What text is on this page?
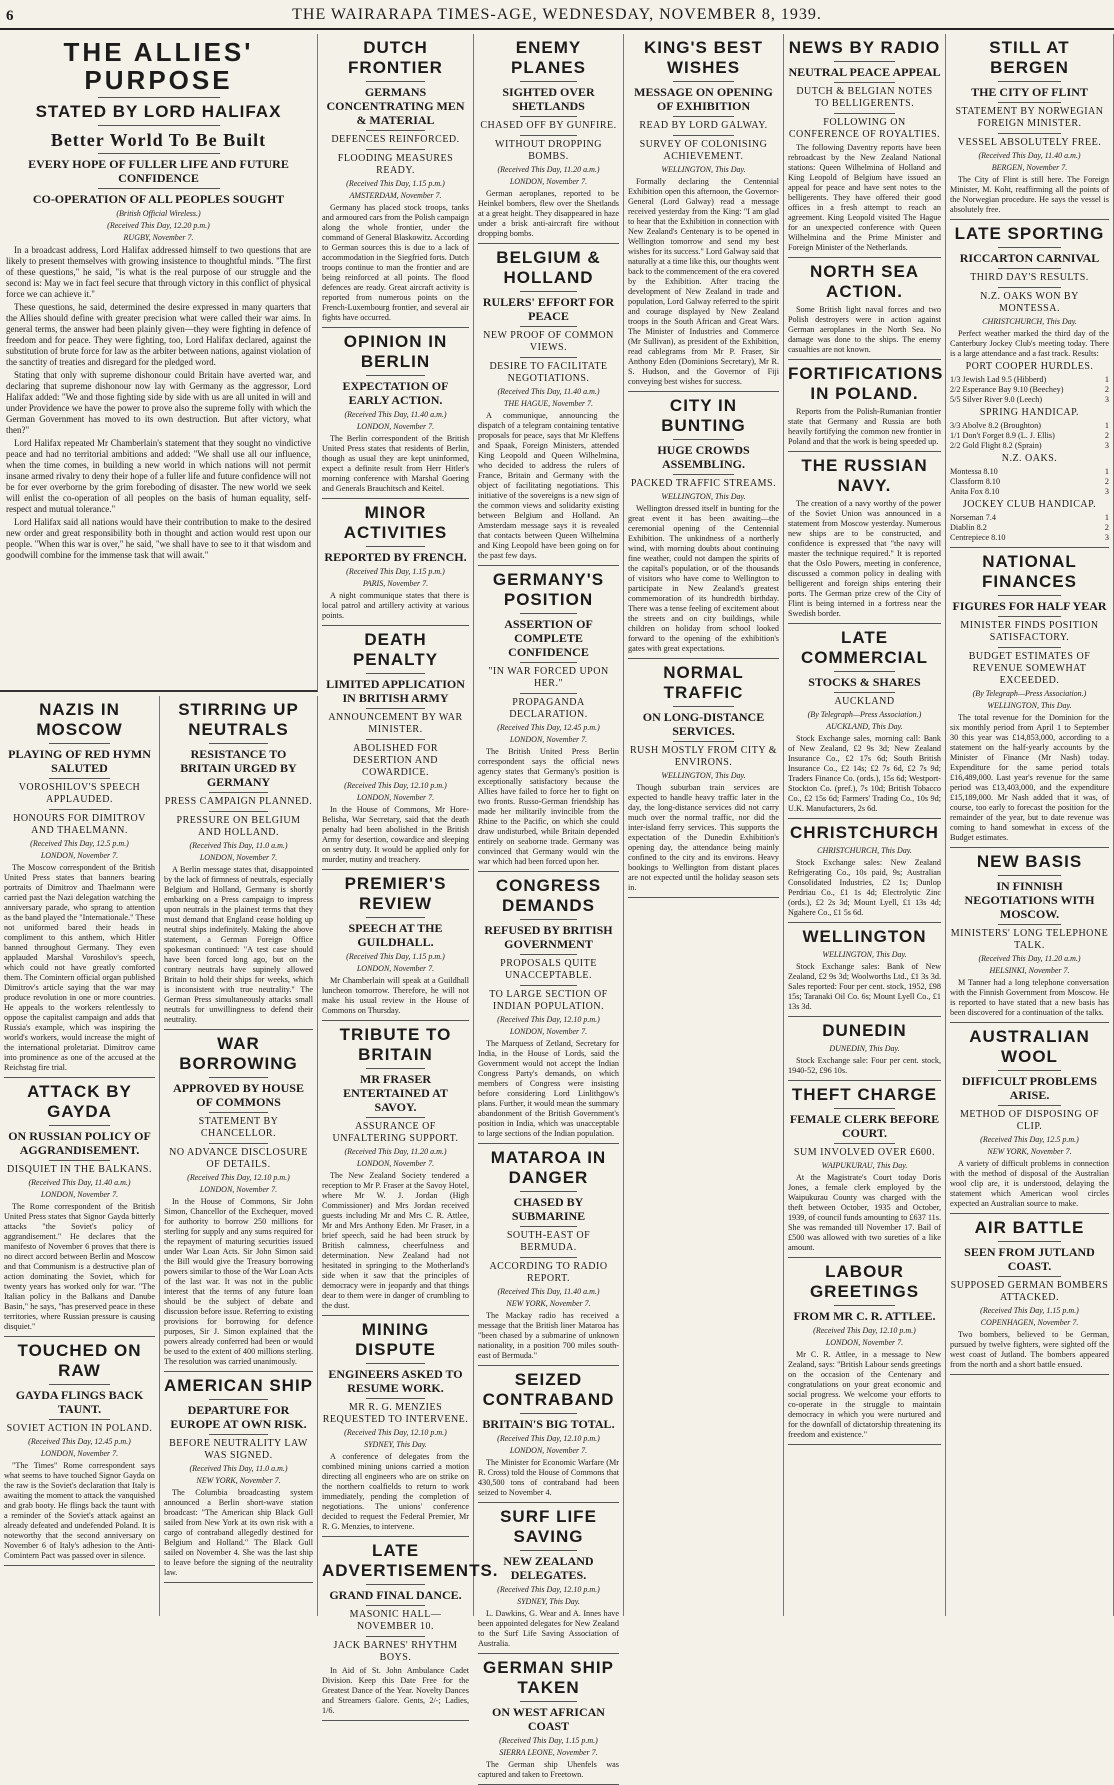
6	THE WAIRARAPA TIMES-AGE, WEDNESDAY, NOVEMBER 8, 1939.
THE ALLIES' PURPOSE
STATED BY LORD HALIFAX
Better World To Be Built
EVERY HOPE OF FULLER LIFE AND FUTURE CONFIDENCE
CO-OPERATION OF ALL PEOPLES SOUGHT
(British Official Wireless.)
(Received This Day, 12.20 p.m.)
RUGBY, November 7.
In a broadcast address, Lord Halifax addressed himself to two questions that are likely to present themselves with growing insistence to thoughtful minds. "The first of these questions," he said, "is what is the real purpose of our struggle and the second is: May we in fact feel secure that through victory in this conflict of physical force we can achieve it."
These questions, he said, determined the desire expressed in many quarters that the Allies should define with greater precision what were called their war aims. In general terms, the answer had been plainly given—they were fighting in defence of freedom and for peace. They were fighting, too, Lord Halifax declared, against the substitution of brute force for law as the arbiter between nations, against violation of the sanctity of treaties and disregard for the pledged word.
Stating that only with supreme dishonour could Britain have averted war, and declaring that supreme dishonour now lay with Germany as the aggressor, Lord Halifax added: "We and those fighting side by side with us are all united in will and under Providence we have the power to prove also the supreme folly with which the German Government has moved to its own destruction. But after victory, what then?"
Lord Halifax repeated Mr Chamberlain's statement that they sought no vindictive peace and had no territorial ambitions and added: "We shall use all our influence, when the time comes, in building a new world in which nations will not permit insane armed rivalry to deny their hope of a fuller life and future confidence will not be for ever overborne by the grim foreboding of disaster. The new world we seek will enlist the co-operation of all peoples on the basis of human equality, self-respect and mutual tolerance."
Lord Halifax said all nations would have their contribution to make to the desired new order and great responsibility both in thought and action would rest upon our people. "When this war is over," he said, "we shall have to see to it that wisdom and goodwill combine for the immense task that will await."
NAZIS IN MOSCOW
PLAYING OF RED HYMN SALUTED
VOROSHILOV'S SPEECH APPLAUDED.
HONOURS FOR DIMITROV AND THAELMANN.
(Received This Day, 12.5 p.m.)
LONDON, November 7.
The Moscow correspondent of the British United Press states that banners bearing portraits of Dimitrov and Thaelmann were carried past the Nazi delegation watching the anniversary parade, who sprang to attention as the band played the "Internationale." These not uniformed bared their heads in compliment to this anthem, which Hitler banned throughout Germany. They even applauded Marshal Voroshilov's speech, which could not have greatly comforted them. The Comintern official organ published Dimitrov's article saying that the war may produce revolution in one or more countries. He appeals to the workers relentlessly to oppose the capitalist campaign and adds that Russia's example, which was inspiring the world's workers, would increase the might of the international proletariat. Dimitrov came into prominence as one of the accused at the Reichstag fire trial.
ATTACK BY GAYDA
ON RUSSIAN POLICY OF AGGRANDISEMENT.
DISQUIET IN THE BALKANS.
(Received This Day, 11.40 a.m.)
LONDON, November 7.
The Rome correspondent of the British United Press states that Signor Gayda bitterly attacks "the Soviet's policy of aggrandisement." He declares that the manifesto of November 6 proves that there is no direct accord between Berlin and Moscow and that Communism is a destructive plan of action dominating the Soviet, which for twenty years has worked only for war. "The Italian policy in the Balkans and Danube Basin," he says, "has preserved peace in these territories, where Russian pressure is causing disquiet."
TOUCHED ON RAW
GAYDA FLINGS BACK TAUNT.
SOVIET ACTION IN POLAND.
(Received This Day, 12.45 p.m.)
LONDON, November 7.
"The Times" Rome correspondent says what seems to have touched Signor Gayda on the raw is the Soviet's declaration that Italy is awaiting the moment to attack the vanquished and grab booty. He flings back the taunt with a reminder of the Soviet's attack against an already defeated and undefended Poland. It is noteworthy that the second anniversary on November 6 of Italy's adhesion to the Anti-Comintern Pact was passed over in silence.
STIRRING UP NEUTRALS
RESISTANCE TO BRITAIN URGED BY GERMANY
PRESS CAMPAIGN PLANNED.
PRESSURE ON BELGIUM AND HOLLAND.
(Received This Day, 11.0 a.m.)
LONDON, November 7.
A Berlin message states that, disappointed by the lack of firmness of neutrals, especially Belgium and Holland, Germany is shortly embarking on a Press campaign to impress upon neutrals in the plainest terms that they must demand that England cease holding up neutral ships indefinitely. Making the above statement, a German Foreign Office spokesman continued: "A test case should have been forced long ago, but on the contrary neutrals have supinely allowed Britain to hold their ships for weeks, which is inconsistent with true neutrality." The German Press simultaneously attacks small neutrals for unwillingness to defend their neutrality.
WAR BORROWING
APPROVED BY HOUSE OF COMMONS
STATEMENT BY CHANCELLOR.
NO ADVANCE DISCLOSURE OF DETAILS.
(Received This Day, 12.10 p.m.)
LONDON, November 7.
In the House of Commons, Sir John Simon, Chancellor of the Exchequer, moved for authority to borrow 250 millions for sterling for supply and any sums required for the repayment of maturing securities issued under War Loan Acts. Sir John Simon said the Bill would give the Treasury borrowing powers similar to those of the War Loan Acts of the last war. It was not in the public interest that the terms of any future loan should be the subject of debate and discussion before issue. Referring to existing provisions for borrowing for defence purposes, Sir J. Simon explained that the powers already conferred had been or would be used to the extent of 400 millions sterling. The resolution was carried unanimously.
AMERICAN SHIP
DEPARTURE FOR EUROPE AT OWN RISK.
BEFORE NEUTRALITY LAW WAS SIGNED.
(Received This Day, 11.0 a.m.)
NEW YORK, November 7.
The Columbia broadcasting system announced a Berlin short-wave station broadcast: "The American ship Black Gull sailed from New York at its own risk with a cargo of contraband allegedly destined for Belgium and Holland." The Black Gull sailed on November 4. She was the last ship to leave before the signing of the neutrality law.
DUTCH FRONTIER
GERMANS CONCENTRATING MEN & MATERIAL
DEFENCES REINFORCED.
FLOODING MEASURES READY.
(Received This Day, 1.15 p.m.)
AMSTERDAM, November 7.
Germany has placed stock troops, tanks and armoured cars from the Polish campaign along the whole frontier, under the command of General Blaskowitz. According to German sources this is due to a lack of accommodation in the Siegfried forts. Dutch troops continue to man the frontier and are being reinforced at all points. The flood defences are ready. Great aircraft activity is reported from numerous points on the French-Luxembourg frontier, and several air fights have occurred.
OPINION IN BERLIN
EXPECTATION OF EARLY ACTION.
(Received This Day, 11.40 a.m.)
LONDON, November 7.
The Berlin correspondent of the British United Press states that residents of Berlin, though as usual they are kept uninformed, expect a definite result from Herr Hitler's morning conference with Marshal Goering and Generals Brauchitsch and Keitel.
MINOR ACTIVITIES
REPORTED BY FRENCH.
(Received This Day, 1.15 p.m.)
PARIS, November 7.
A night communique states that there is local patrol and artillery activity at various points.
DEATH PENALTY
LIMITED APPLICATION IN BRITISH ARMY
ANNOUNCEMENT BY WAR MINISTER.
ABOLISHED FOR DESERTION AND COWARDICE.
(Received This Day, 12.10 p.m.)
LONDON, November 7.
In the House of Commons, Mr Hore-Belisha, War Secretary, said that the death penalty had been abolished in the British Army for desertion, cowardice and sleeping on sentry duty. It would be applied only for murder, mutiny and treachery.
PREMIER'S REVIEW
SPEECH AT THE GUILDHALL.
(Received This Day, 1.15 p.m.)
LONDON, November 7.
Mr Chamberlain will speak at a Guildhall luncheon tomorrow. Therefore, he will not make his usual review in the House of Commons on Thursday.
TRIBUTE TO BRITAIN
MR FRASER ENTERTAINED AT SAVOY.
ASSURANCE OF UNFALTERING SUPPORT.
(Received This Day, 11.20 a.m.)
LONDON, November 7.
The New Zealand Society tendered a reception to Mr P. Fraser at the Savoy Hotel, where Mr W. J. Jordan (High Commissioner) and Mrs Jordan received guests including Mr and Mrs C. R. Attlee, Mr and Mrs Anthony Eden. Mr Fraser, in a brief speech, said he had been struck by British calmness, cheerfulness and determination. New Zealand had not hesitated in springing to the Motherland's side when it saw that the principles of democracy were in jeopardy and that things dear to them were in danger of crumbling to the dust.
MINING DISPUTE
ENGINEERS ASKED TO RESUME WORK.
MR R. G. MENZIES REQUESTED TO INTERVENE.
(Received This Day, 12.10 p.m.)
SYDNEY, This Day.
A conference of delegates from the combined mining unions carried a motion directing all engineers who are on strike on the northern coalfields to return to work immediately, pending the completion of negotiations. The unions' conference decided to request the Federal Premier, Mr R. G. Menzies, to intervene.
LATE ADVERTISEMENTS.
GRAND FINAL DANCE.
MASONIC HALL—NOVEMBER 10.
JACK BARNES' RHYTHM BOYS.
In Aid of St. John Ambulance Cadet Division. Keep this Date Free for the Greatest Dance of the Year. Novelty Dances and Streamers Galore. Gents, 2/-; Ladies, 1/6.
ENEMY PLANES
SIGHTED OVER SHETLANDS
CHASED OFF BY GUNFIRE.
WITHOUT DROPPING BOMBS.
(Received This Day, 11.20 a.m.)
LONDON, November 7.
German aeroplanes, reported to be Heinkel bombers, flew over the Shetlands at a great height. They disappeared in haze under a brisk anti-aircraft fire without dropping bombs.
BELGIUM & HOLLAND
RULERS' EFFORT FOR PEACE
NEW PROOF OF COMMON VIEWS.
DESIRE TO FACILITATE NEGOTIATIONS.
(Received This Day, 11.40 a.m.)
THE HAGUE, November 7.
A communique, announcing the dispatch of a telegram containing tentative proposals for peace, says that Mr Kleffens and Spaak, Foreign Ministers, attended King Leopold and Queen Wilhelmina, who decided to address the rulers of France, Britain and Germany with the object of facilitating negotiations. This initiative of the sovereigns is a new sign of the common views and solidarity existing between Belgium and Holland. An Amsterdam message says it is revealed that contacts between Queen Wilhelmina and King Leopold have been going on for the past few days.
GERMANY'S POSITION
ASSERTION OF COMPLETE CONFIDENCE
"IN WAR FORCED UPON HER."
PROPAGANDA DECLARATION.
(Received This Day, 12.45 p.m.)
LONDON, November 7.
The British United Press Berlin correspondent says the official news agency states that Germany's position is exceptionally satisfactory because the Allies have failed to force her to fight on two fronts. Russo-German friendship has made her militarily invincible from the Rhine to the Pacific, on which she could draw undisturbed, while Britain depended entirely on seaborne trade. Germany was convinced that Germany would win the war which had been forced upon her.
CONGRESS DEMANDS
REFUSED BY BRITISH GOVERNMENT
PROPOSALS QUITE UNACCEPTABLE.
TO LARGE SECTION OF INDIAN POPULATION.
(Received This Day, 12.10 p.m.)
LONDON, November 7.
The Marquess of Zetland, Secretary for India, in the House of Lords, said the Government would not accept the Indian Congress Party's demands, on which members of Congress were insisting before considering Lord Linlithgow's plans. Further, it would mean the summary abandonment of the British Government's position in India, which was unacceptable to large sections of the Indian population.
MATAROA IN DANGER
CHASED BY SUBMARINE
SOUTH-EAST OF BERMUDA.
ACCORDING TO RADIO REPORT.
(Received This Day, 11.40 a.m.)
NEW YORK, November 7.
The Mackay radio has received a message that the British liner Mataroa has "been chased by a submarine of unknown nationality, in a position 700 miles south-east of Bermuda."
SEIZED CONTRABAND
BRITAIN'S BIG TOTAL.
(Received This Day, 12.10 p.m.)
LONDON, November 7.
The Minister for Economic Warfare (Mr R. Cross) told the House of Commons that 430,500 tons of contraband had been seized to November 4.
SURF LIFE SAVING
NEW ZEALAND DELEGATES.
(Received This Day, 12.10 p.m.)
SYDNEY, This Day.
L. Dawkins, G. Wear and A. Innes have been appointed delegates for New Zealand to the Surf Life Saving Association of Australia.
GERMAN SHIP TAKEN
ON WEST AFRICAN COAST
(Received This Day, 1.15 p.m.)
SIERRA LEONE, November 7.
The German ship Uhenfels was captured and taken to Freetown.
KING'S BEST WISHES
MESSAGE ON OPENING OF EXHIBITION
READ BY LORD GALWAY.
SURVEY OF COLONISING ACHIEVEMENT.
WELLINGTON, This Day.
Formally declaring the Centennial Exhibition open this afternoon, the Governor-General (Lord Galway) read a message received yesterday from the King: "I am glad to hear that the Exhibition in connection with New Zealand's Centenary is to be opened in Wellington tomorrow and send my best wishes for its success." Lord Galway said that naturally at a time like this, our thoughts went back to the commencement of the era covered by the Exhibition. After tracing the development of New Zealand in trade and population, Lord Galway referred to the spirit and courage displayed by New Zealand troops in the South African and Great Wars. The Minister of Industries and Commerce (Mr Sullivan), as president of the Exhibition, read cablegrams from Mr P. Fraser, Sir Anthony Eden (Dominions Secretary), Mr R. S. Hudson, and the Governor of Fiji conveying best wishes for success.
CITY IN BUNTING
HUGE CROWDS ASSEMBLING.
PACKED TRAFFIC STREAMS.
WELLINGTON, This Day.
Wellington dressed itself in bunting for the great event it has been awaiting—the ceremonial opening of the Centennial Exhibition. The unkindness of a northerly wind, with morning doubts about continuing fine weather, could not dampen the spirits of the capital's population, or of the thousands of visitors who have come to Wellington to participate in New Zealand's greatest commemoration of its hundredth birthday. There was a tense feeling of excitement about the streets and on city buildings, while children on holiday from school looked forward to the opening of the exhibition's gates with great expectations.
NORMAL TRAFFIC
ON LONG-DISTANCE SERVICES.
RUSH MOSTLY FROM CITY & ENVIRONS.
WELLINGTON, This Day.
Though suburban train services are expected to handle heavy traffic later in the day, the long-distance services did not carry much over the normal traffic, nor did the inter-island ferry services. This supports the expectation of the Dunedin Exhibition's opening day, the attendance being mainly confined to the city and its environs. Heavy bookings to Wellington from distant places are not expected until the holiday season sets in.
NEWS BY RADIO
NEUTRAL PEACE APPEAL
DUTCH & BELGIAN NOTES TO BELLIGERENTS.
FOLLOWING ON CONFERENCE OF ROYALTIES.
The following Daventry reports have been rebroadcast by the New Zealand National stations: Queen Wilhelmina of Holland and King Leopold of Belgium have issued an appeal for peace and have sent notes to the belligerents. They have offered their good offices in a fresh attempt to reach an agreement. King Leopold visited The Hague for an unexpected conference with Queen Wilhelmina and the Prime Minister and Foreign Minister of the Netherlands.
NORTH SEA ACTION.
Some British light naval forces and two Polish destroyers were in action against German aeroplanes in the North Sea. No damage was done to the ships. The enemy casualties are not known.
FORTIFICATIONS IN POLAND.
Reports from the Polish-Rumanian frontier state that Germany and Russia are both heavily fortifying the common new frontier in Poland and that the work is being speeded up.
THE RUSSIAN NAVY.
The creation of a navy worthy of the power of the Soviet Union was announced in a statement from Moscow yesterday. Numerous new ships are to be constructed, and confidence is expressed that "the navy will master the technique required." It is reported that the Oslo Powers, meeting in conference, discussed a common policy in dealing with belligerent and foreign ships entering their ports. The German prize crew of the City of Flint is being interned in a fortress near the Swedish border.
LATE COMMERCIAL
STOCKS & SHARES
AUCKLAND
(By Telegraph—Press Association.)
AUCKLAND, This Day.
Stock Exchange sales, morning call: Bank of New Zealand, £2 9s 3d; New Zealand Insurance Co., £2 17s 6d; South British Insurance Co., £2 14s; £2 7s 6d, £2 7s 9d; Traders Finance Co. (ords.), 15s 6d; Westport-Stockton Co. (pref.), 7s 10d; British Tobacco Co., £2 15s 6d; Farmers' Trading Co., 10s 9d; U.K. Manufacturers, 2s 6d.
CHRISTCHURCH
CHRISTCHURCH, This Day.
Stock Exchange sales: New Zealand Refrigerating Co., 10s paid, 9s; Australian Consolidated Industries, £2 1s; Dunlop Perdriau Co., £1 1s 4d; Electrolytic Zinc (ords.), £2 2s 3d; Mount Lyell, £1 13s 4d; Ngahere Co., £1 5s 6d.
WELLINGTON
WELLINGTON, This Day.
Stock Exchange sales: Bank of New Zealand, £2 9s 3d; Woolworths Ltd., £1 3s 3d. Sales reported: Four per cent. stock, 1952, £98 15s; Taranaki Oil Co. 6s; Mount Lyell Co., £1 13s 3d.
DUNEDIN
DUNEDIN, This Day.
Stock Exchange sale: Four per cent. stock, 1940-52, £96 10s.
THEFT CHARGE
FEMALE CLERK BEFORE COURT.
SUM INVOLVED OVER £600.
WAIPUKURAU, This Day.
At the Magistrate's Court today Doris Jones, a female clerk employed by the Waipukurau County was charged with the theft between October, 1935 and October, 1939, of council funds amounting to £637 11s. She was remanded till November 17. Bail of £500 was allowed with two sureties of a like amount.
LABOUR GREETINGS
FROM MR C. R. ATTLEE.
(Received This Day, 12.10 p.m.)
LONDON, November 7.
Mr C. R. Attlee, in a message to New Zealand, says: "British Labour sends greetings on the occasion of the Centenary and congratulations on your great economic and social progress. We welcome your efforts to co-operate in the struggle to maintain democracy in which you were nurtured and for the downfall of dictatorship threatening its freedom and existence."
STILL AT BERGEN
THE CITY OF FLINT
STATEMENT BY NORWEGIAN FOREIGN MINISTER.
VESSEL ABSOLUTELY FREE.
(Received This Day, 11.40 a.m.)
BERGEN, November 7.
The City of Flint is still here. The Foreign Minister, M. Koht, reaffirming all the points of the Norwegian procedure. He says the vessel is absolutely free.
LATE SPORTING
RICCARTON CARNIVAL
THIRD DAY'S RESULTS.
N.Z. OAKS WON BY MONTESSA.
CHRISTCHURCH, This Day.
Perfect weather marked the third day of the Canterbury Jockey Club's meeting today. There is a large attendance and a fast track. Results:
PORT COOPER HURDLES.
1/3 Jewish Lad 9.5 (Hibberd)	1
2/2 Esperance Bay 9.10 (Beechey)	2
5/5 Silver River 9.0 (Leech)	3
SPRING HANDICAP.
3/3 Abolve 8.2 (Broughton)	1
1/1 Don't Forget 8.9 (L. J. Ellis)	2
2/2 Gold Flight 8.2 (Sprain)	3
N.Z. OAKS.
Montessa 8.10	1
Classform 8.10	2
Anita Fox 8.10	3
JOCKEY CLUB HANDICAP.
Norseman 7.4	1
Diablin 8.2	2
Centrepiece 8.10	3
NATIONAL FINANCES
FIGURES FOR HALF YEAR
MINISTER FINDS POSITION SATISFACTORY.
BUDGET ESTIMATES OF REVENUE SOMEWHAT EXCEEDED.
(By Telegraph—Press Association.)
WELLINGTON, This Day.
The total revenue for the Dominion for the six monthly period from April 1 to September 30 this year was £14,853,000, according to a statement on the half-yearly accounts by the Minister of Finance (Mr Nash) today. Expenditure for the same period totals £16,489,000. Last year's revenue for the same period was £13,403,000, and the expenditure £15,189,000. Mr Nash added that it was, of course, too early to forecast the position for the remainder of the year, but to date revenue was coming to hand somewhat in excess of the Budget estimates.
NEW BASIS
IN FINNISH NEGOTIATIONS WITH MOSCOW.
MINISTERS' LONG TELEPHONE TALK.
(Received This Day, 11.20 a.m.)
HELSINKI, November 7.
M Tanner had a long telephone conversation with the Finnish Government from Moscow. He is reported to have stated that a new basis has been discovered for a continuation of the talks.
AUSTRALIAN WOOL
DIFFICULT PROBLEMS ARISE.
METHOD OF DISPOSING OF CLIP.
(Received This Day, 12.5 p.m.)
NEW YORK, November 7.
A variety of difficult problems in connection with the method of disposal of the Australian wool clip are, it is understood, delaying the statement which American wool circles expected an Australian source to make.
AIR BATTLE
SEEN FROM JUTLAND COAST.
SUPPOSED GERMAN BOMBERS ATTACKED.
(Received This Day, 1.15 p.m.)
COPENHAGEN, November 7.
Two bombers, believed to be German, pursued by twelve fighters, were sighted off the west coast of Jutland. The bombers appeared from the north and a short battle ensued.
